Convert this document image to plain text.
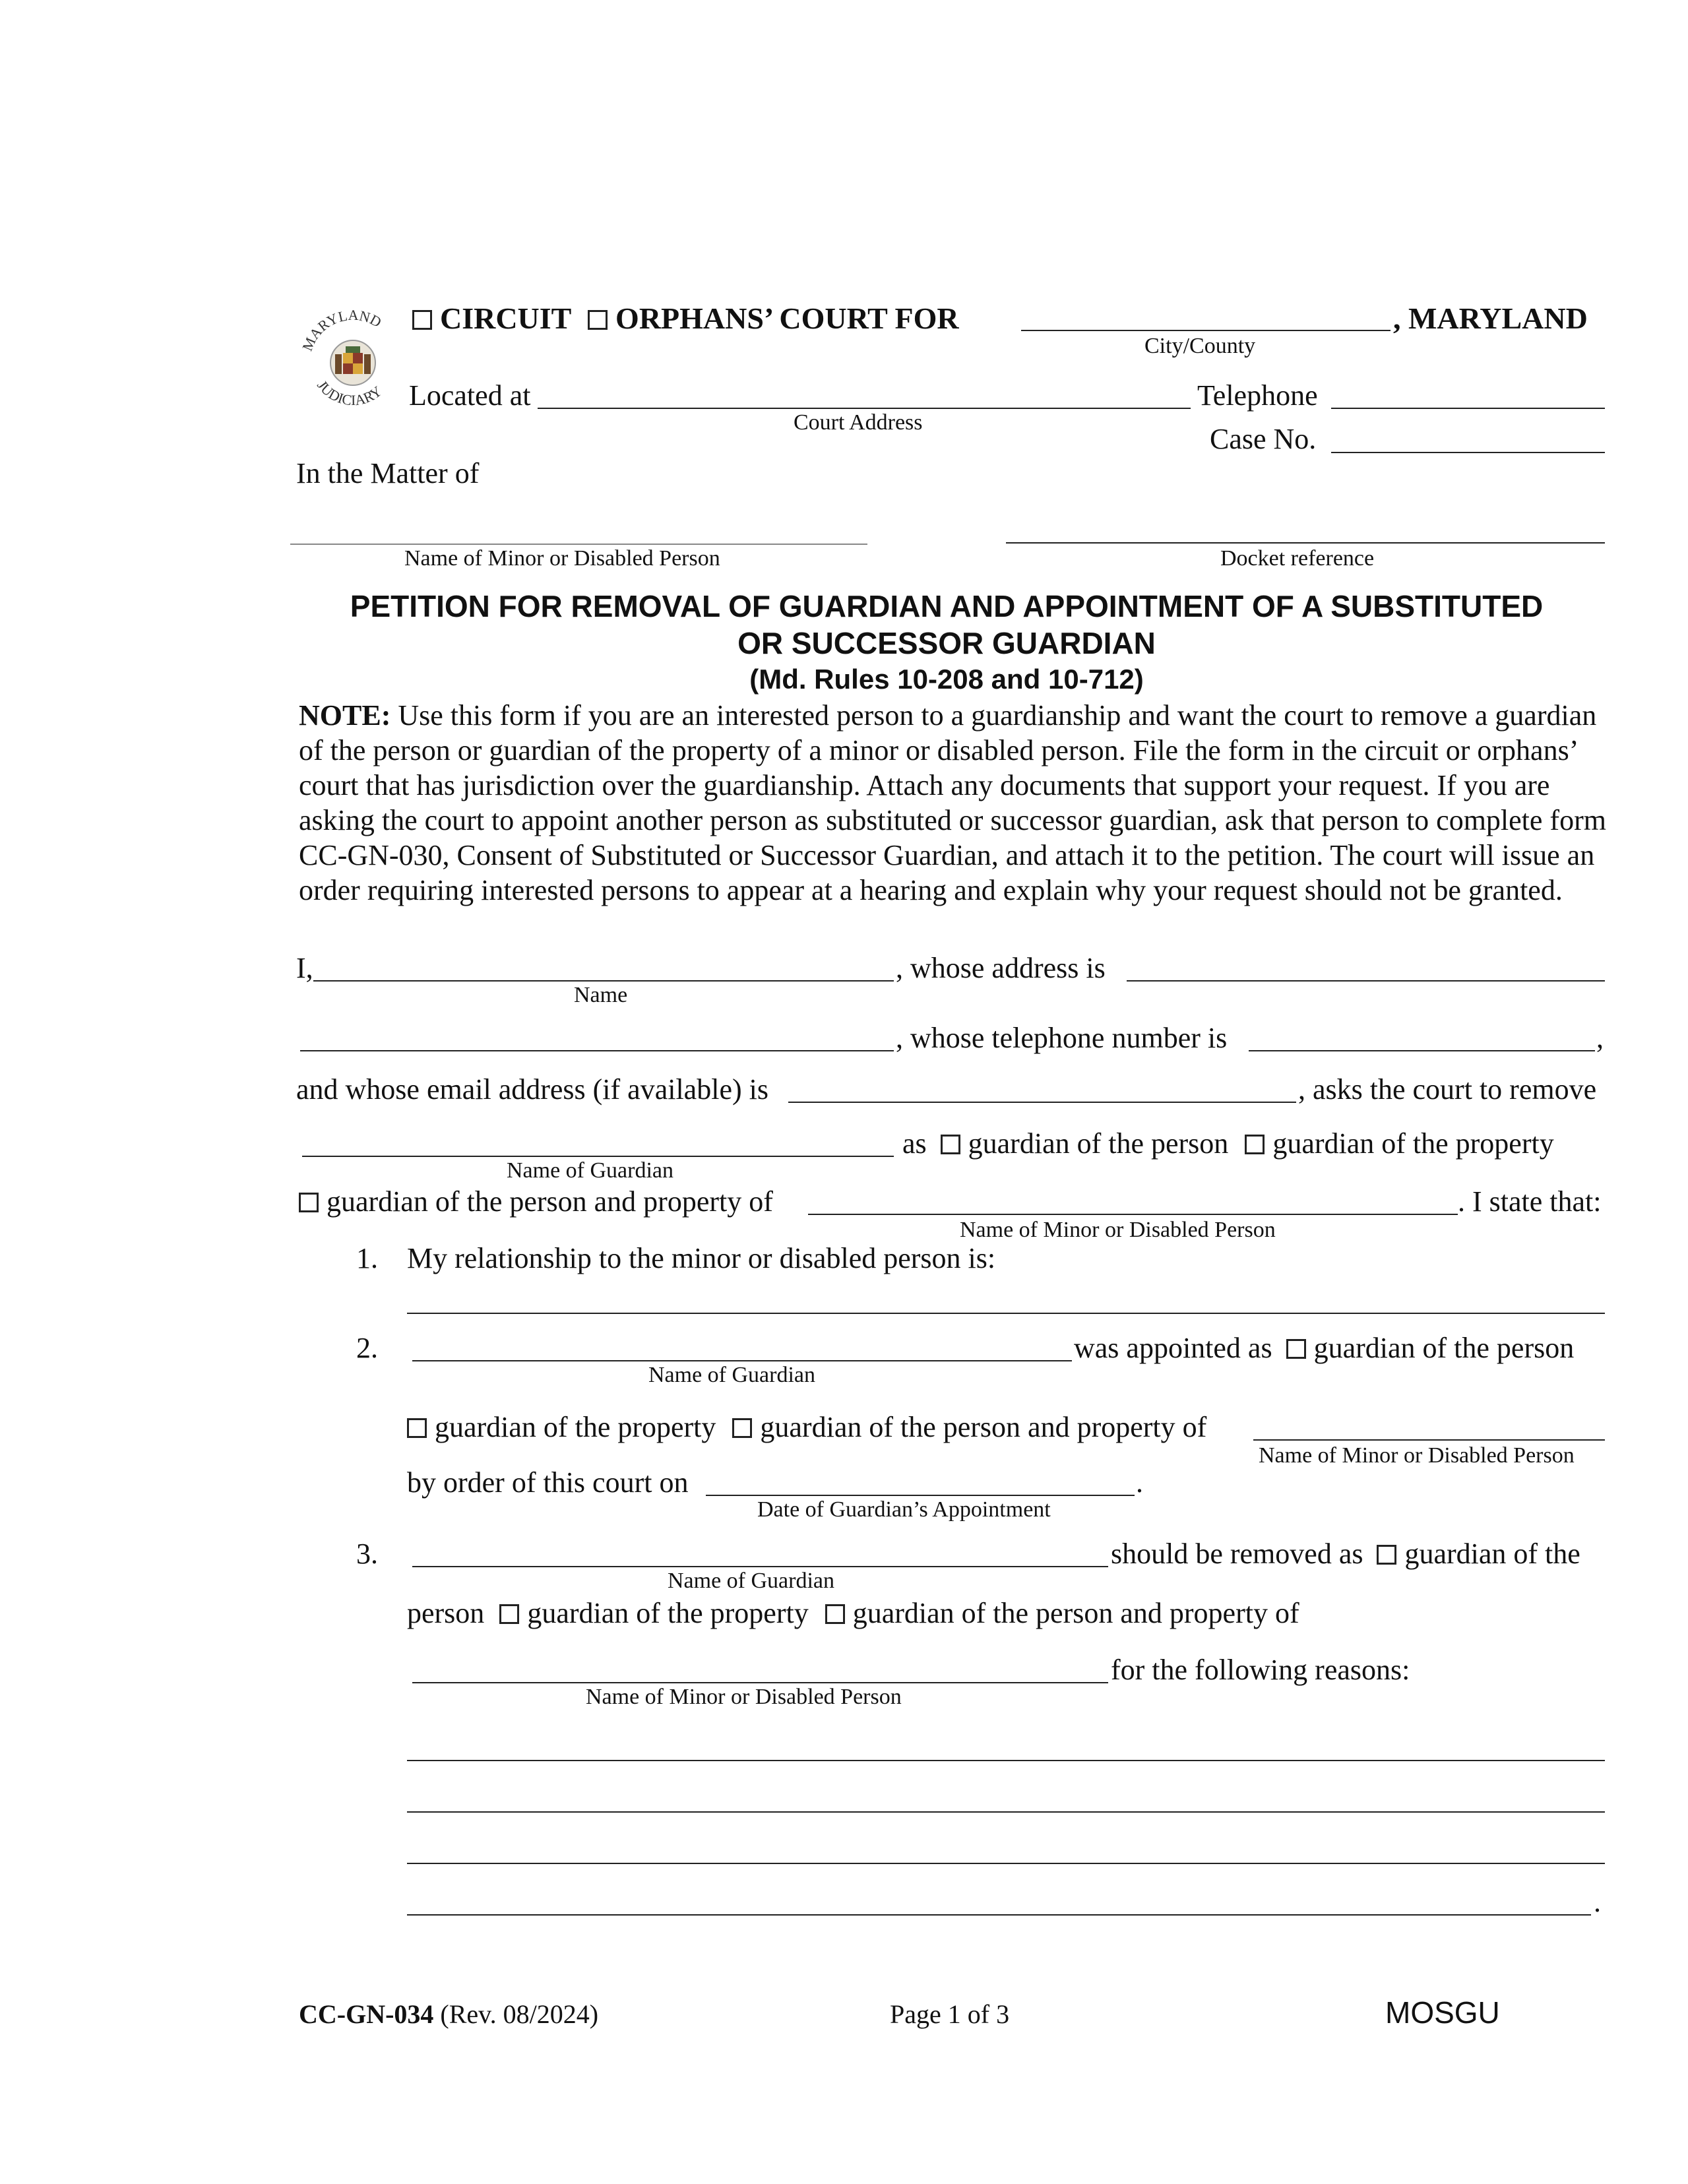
MARYLAND
JUDICIARY
CIRCUIT ORPHANS’ COURT FOR	, MARYLAND
City/County
Located at
Court Address
Telephone
Case No.
In the Matter of
Name of Minor or Disabled Person	Docket reference
PETITION FOR REMOVAL OF GUARDIAN AND APPOINTMENT OF A SUBSTITUTED
OR SUCCESSOR GUARDIAN
(Md. Rules 10-208 and 10-712)
NOTE: Use this form if you are an interested person to a guardianship and want the court to remove a guardian of the person or guardian of the property of a minor or disabled person. File the form in the circuit or orphans’ court that has jurisdiction over the guardianship. Attach any documents that support your request. If you are asking the court to appoint another person as substituted or successor guardian, ask that person to complete form CC-GN-030, Consent of Substituted or Successor Guardian, and attach it to the petition. The court will issue an order requiring interested persons to appear at a hearing and explain why your request should not be granted.
I,
Name
, whose address is
, whose telephone number is	,
and whose email address (if available) is	, asks the court to remove
Name of Guardian
as guardian of the person guardian of the property
guardian of the person and property of
Name of Minor or Disabled Person
. I state that:
1. My relationship to the minor or disabled person is:
2.
Name of Guardian
was appointed as guardian of the person
guardian of the property guardian of the person and property of
Name of Minor or Disabled Person
by order of this court on	.
Date of Guardian’s Appointment
3.
Name of Guardian
should be removed as guardian of the
person guardian of the property guardian of the person and property of
Name of Minor or Disabled Person
for the following reasons:
.
CC-GN-034 (Rev. 08/2024)	Page 1 of 3	MOSGU
